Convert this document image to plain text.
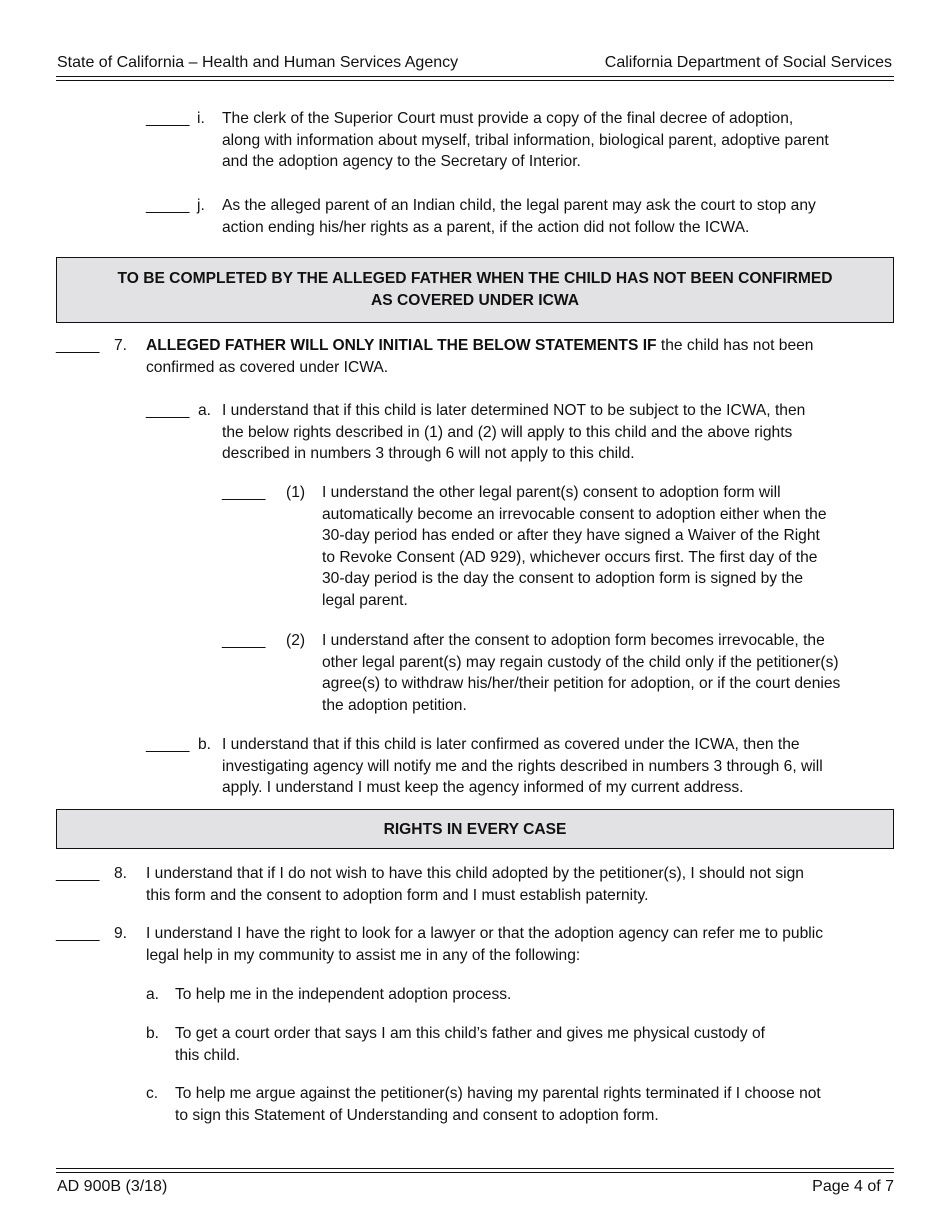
State of California – Health and Human Services Agency	California Department of Social Services
_____ i. The clerk of the Superior Court must provide a copy of the final decree of adoption,
along with information about myself, tribal information, biological parent, adoptive parent
and the adoption agency to the Secretary of Interior.
_____ j. As the alleged parent of an Indian child, the legal parent may ask the court to stop any
action ending his/her rights as a parent, if the action did not follow the ICWA.
TO BE COMPLETED BY THE ALLEGED FATHER WHEN THE CHILD HAS NOT BEEN CONFIRMED
AS COVERED UNDER ICWA
_____ 7. ALLEGED FATHER WILL ONLY INITIAL THE BELOW STATEMENTS IF the child has not been
confirmed as covered under ICWA.
_____ a. I understand that if this child is later determined NOT to be subject to the ICWA, then
the below rights described in (1) and (2) will apply to this child and the above rights
described in numbers 3 through 6 will not apply to this child.
_____ (1) I understand the other legal parent(s) consent to adoption form will
automatically become an irrevocable consent to adoption either when the
30-day period has ended or after they have signed a Waiver of the Right
to Revoke Consent (AD 929), whichever occurs first. The first day of the
30-day period is the day the consent to adoption form is signed by the
legal parent.
_____ (2) I understand after the consent to adoption form becomes irrevocable, the
other legal parent(s) may regain custody of the child only if the petitioner(s)
agree(s) to withdraw his/her/their petition for adoption, or if the court denies
the adoption petition.
_____ b. I understand that if this child is later confirmed as covered under the ICWA, then the
investigating agency will notify me and the rights described in numbers 3 through 6, will
apply. I understand I must keep the agency informed of my current address.
RIGHTS IN EVERY CASE
_____ 8. I understand that if I do not wish to have this child adopted by the petitioner(s), I should not sign
this form and the consent to adoption form and I must establish paternity.
_____ 9. I understand I have the right to look for a lawyer or that the adoption agency can refer me to public
legal help in my community to assist me in any of the following:
a. To help me in the independent adoption process.
b. To get a court order that says I am this child’s father and gives me physical custody of
this child.
c. To help me argue against the petitioner(s) having my parental rights terminated if I choose not
to sign this Statement of Understanding and consent to adoption form.
AD 900B (3/18)	Page 4 of 7
